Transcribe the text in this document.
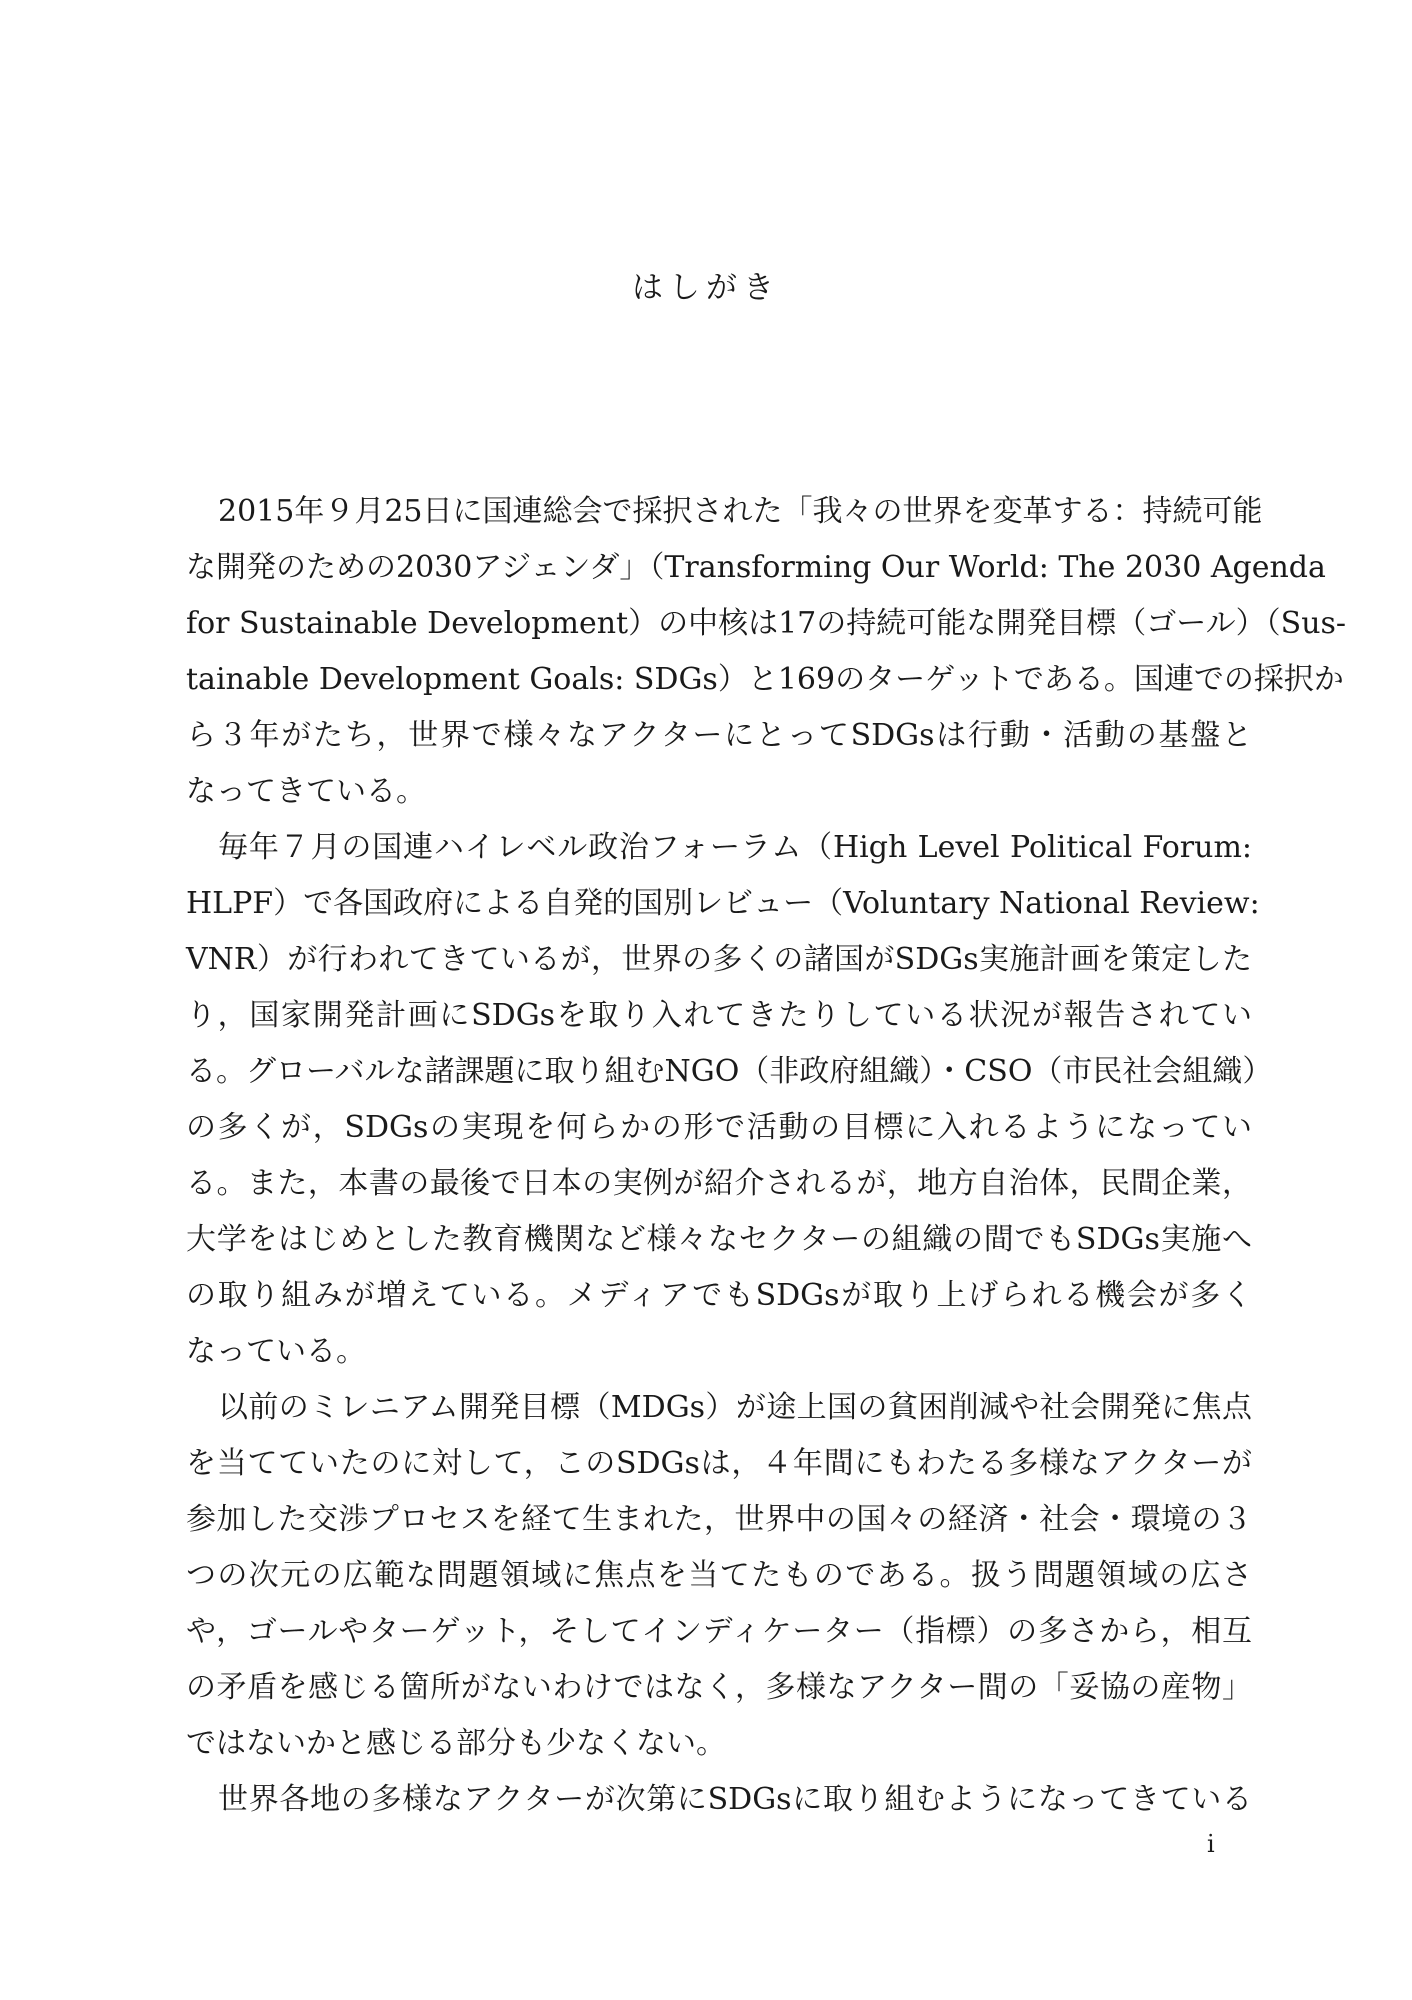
はしがき
2015年９月25日に国連総会で採択された「我々の世界を変革する：持続可能
な開発のための2030アジェンダ」（Transforming Our World: The 2030 Agenda
for Sustainable Development）の中核は17の持続可能な開発目標（ゴール）（Sus-
tainable Development Goals: SDGs）と169のターゲットである。国連での採択か
ら３年がたち，世界で様々なアクターにとってSDGsは行動・活動の基盤と
なってきている。
毎年７月の国連ハイレベル政治フォーラム（High Level Political Forum:
HLPF）で各国政府による自発的国別レビュー（Voluntary National Review:
VNR）が行われてきているが，世界の多くの諸国がSDGs実施計画を策定した
り，国家開発計画にSDGsを取り入れてきたりしている状況が報告されてい
る。グローバルな諸課題に取り組むNGO（非政府組織）・CSO（市民社会組織）
の多くが，SDGsの実現を何らかの形で活動の目標に入れるようになってい
る。また，本書の最後で日本の実例が紹介されるが，地方自治体，民間企業，
大学をはじめとした教育機関など様々なセクターの組織の間でもSDGs実施へ
の取り組みが増えている。メディアでもSDGsが取り上げられる機会が多く
なっている。
以前のミレニアム開発目標（MDGs）が途上国の貧困削減や社会開発に焦点
を当てていたのに対して，このSDGsは，４年間にもわたる多様なアクターが
参加した交渉プロセスを経て生まれた，世界中の国々の経済・社会・環境の３
つの次元の広範な問題領域に焦点を当てたものである。扱う問題領域の広さ
や，ゴールやターゲット，そしてインディケーター（指標）の多さから，相互
の矛盾を感じる箇所がないわけではなく，多様なアクター間の「妥協の産物」
ではないかと感じる部分も少なくない。
世界各地の多様なアクターが次第にSDGsに取り組むようになってきている
i
